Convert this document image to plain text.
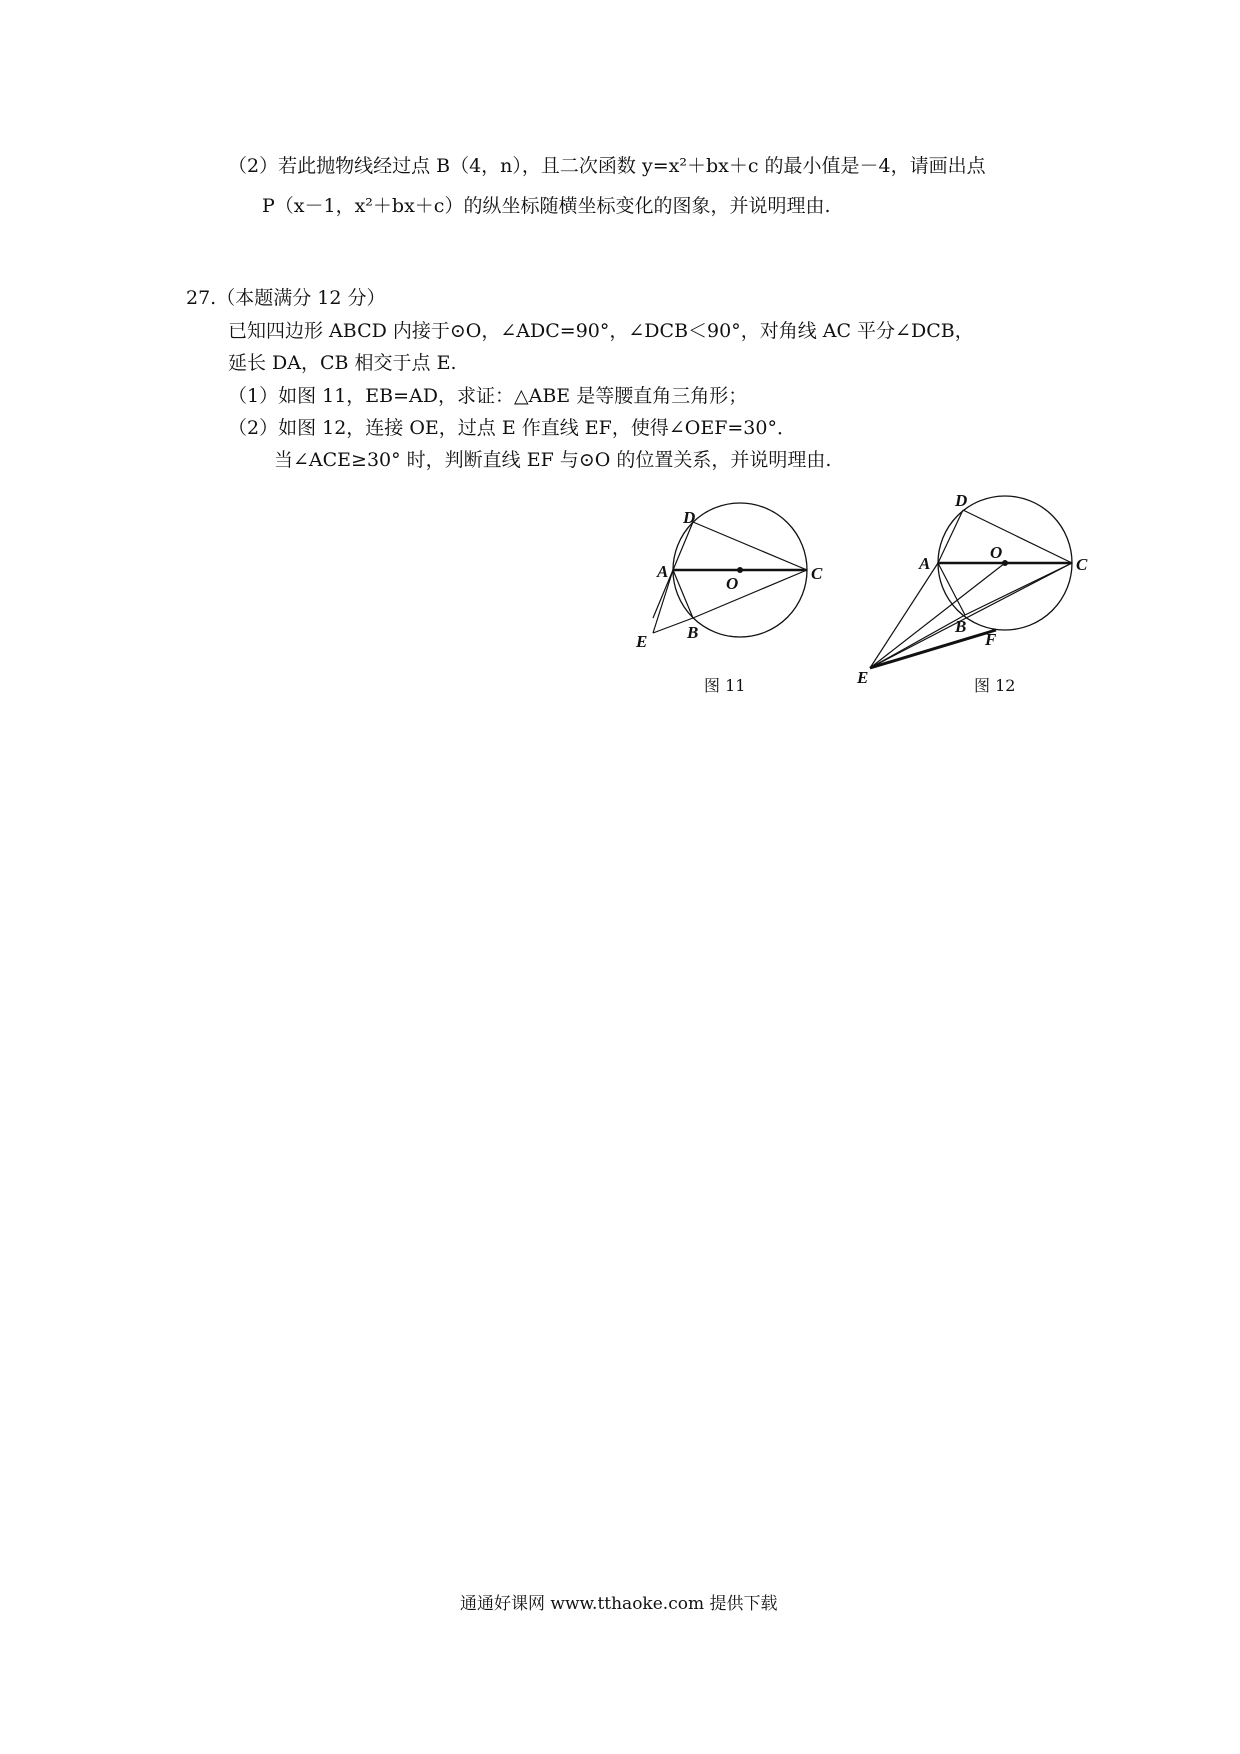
（2）若此抛物线经过点 B（4，n），且二次函数 y=x²＋bx＋c 的最小值是－4，请画出点
P（x－1，x²＋bx＋c）的纵坐标随横坐标变化的图象，并说明理由.
27.（本题满分 12 分）
已知四边形 ABCD 内接于⊙O，∠ADC=90°，∠DCB＜90°，对角线 AC 平分∠DCB，
延长 DA，CB 相交于点 E.
（1）如图 11，EB=AD，求证：△ABE 是等腰直角三角形；
（2）如图 12，连接 OE，过点 E 作直线 EF，使得∠OEF=30°．
当∠ACE≥30° 时，判断直线 EF 与⊙O 的位置关系，并说明理由.
D
A
O
C
B
E
图 11
D
A
O
C
B
F
E	图 12
通通好课网 www.tthaoke.com 提供下载
